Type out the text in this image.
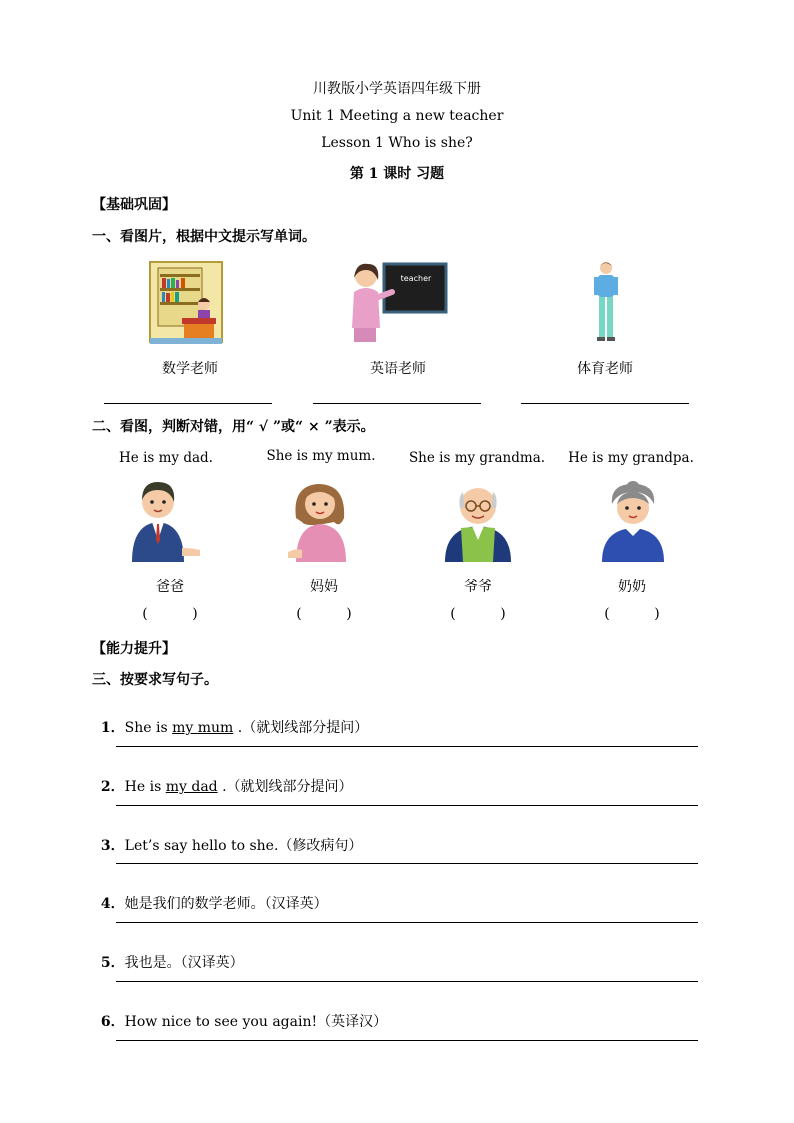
川教版小学英语四年级下册
Unit 1 Meeting a new teacher
Lesson 1 Who is she?
第 1 课时 习题
【基础巩固】
一、看图片，根据中文提示写单词。
teacher
数学老师	英语老师	体育老师
二、看图，判断对错，用“ √ ”或“ × ”表示。
He is my dad.	She is my mum.	She is my grandma.	He is my grandpa.
爸爸	妈妈	爷爷	奶奶
(          )	(          )	(          )	(          )
【能力提升】
三、按要求写句子。

1．She is my mum .（就划线部分提问）

2．He is my dad .（就划线部分提问）

3．Let’s say hello to she.（修改病句）

4．她是我们的数学老师。（汉译英）

5．我也是。（汉译英）

6．How nice to see you again!（英译汉）
